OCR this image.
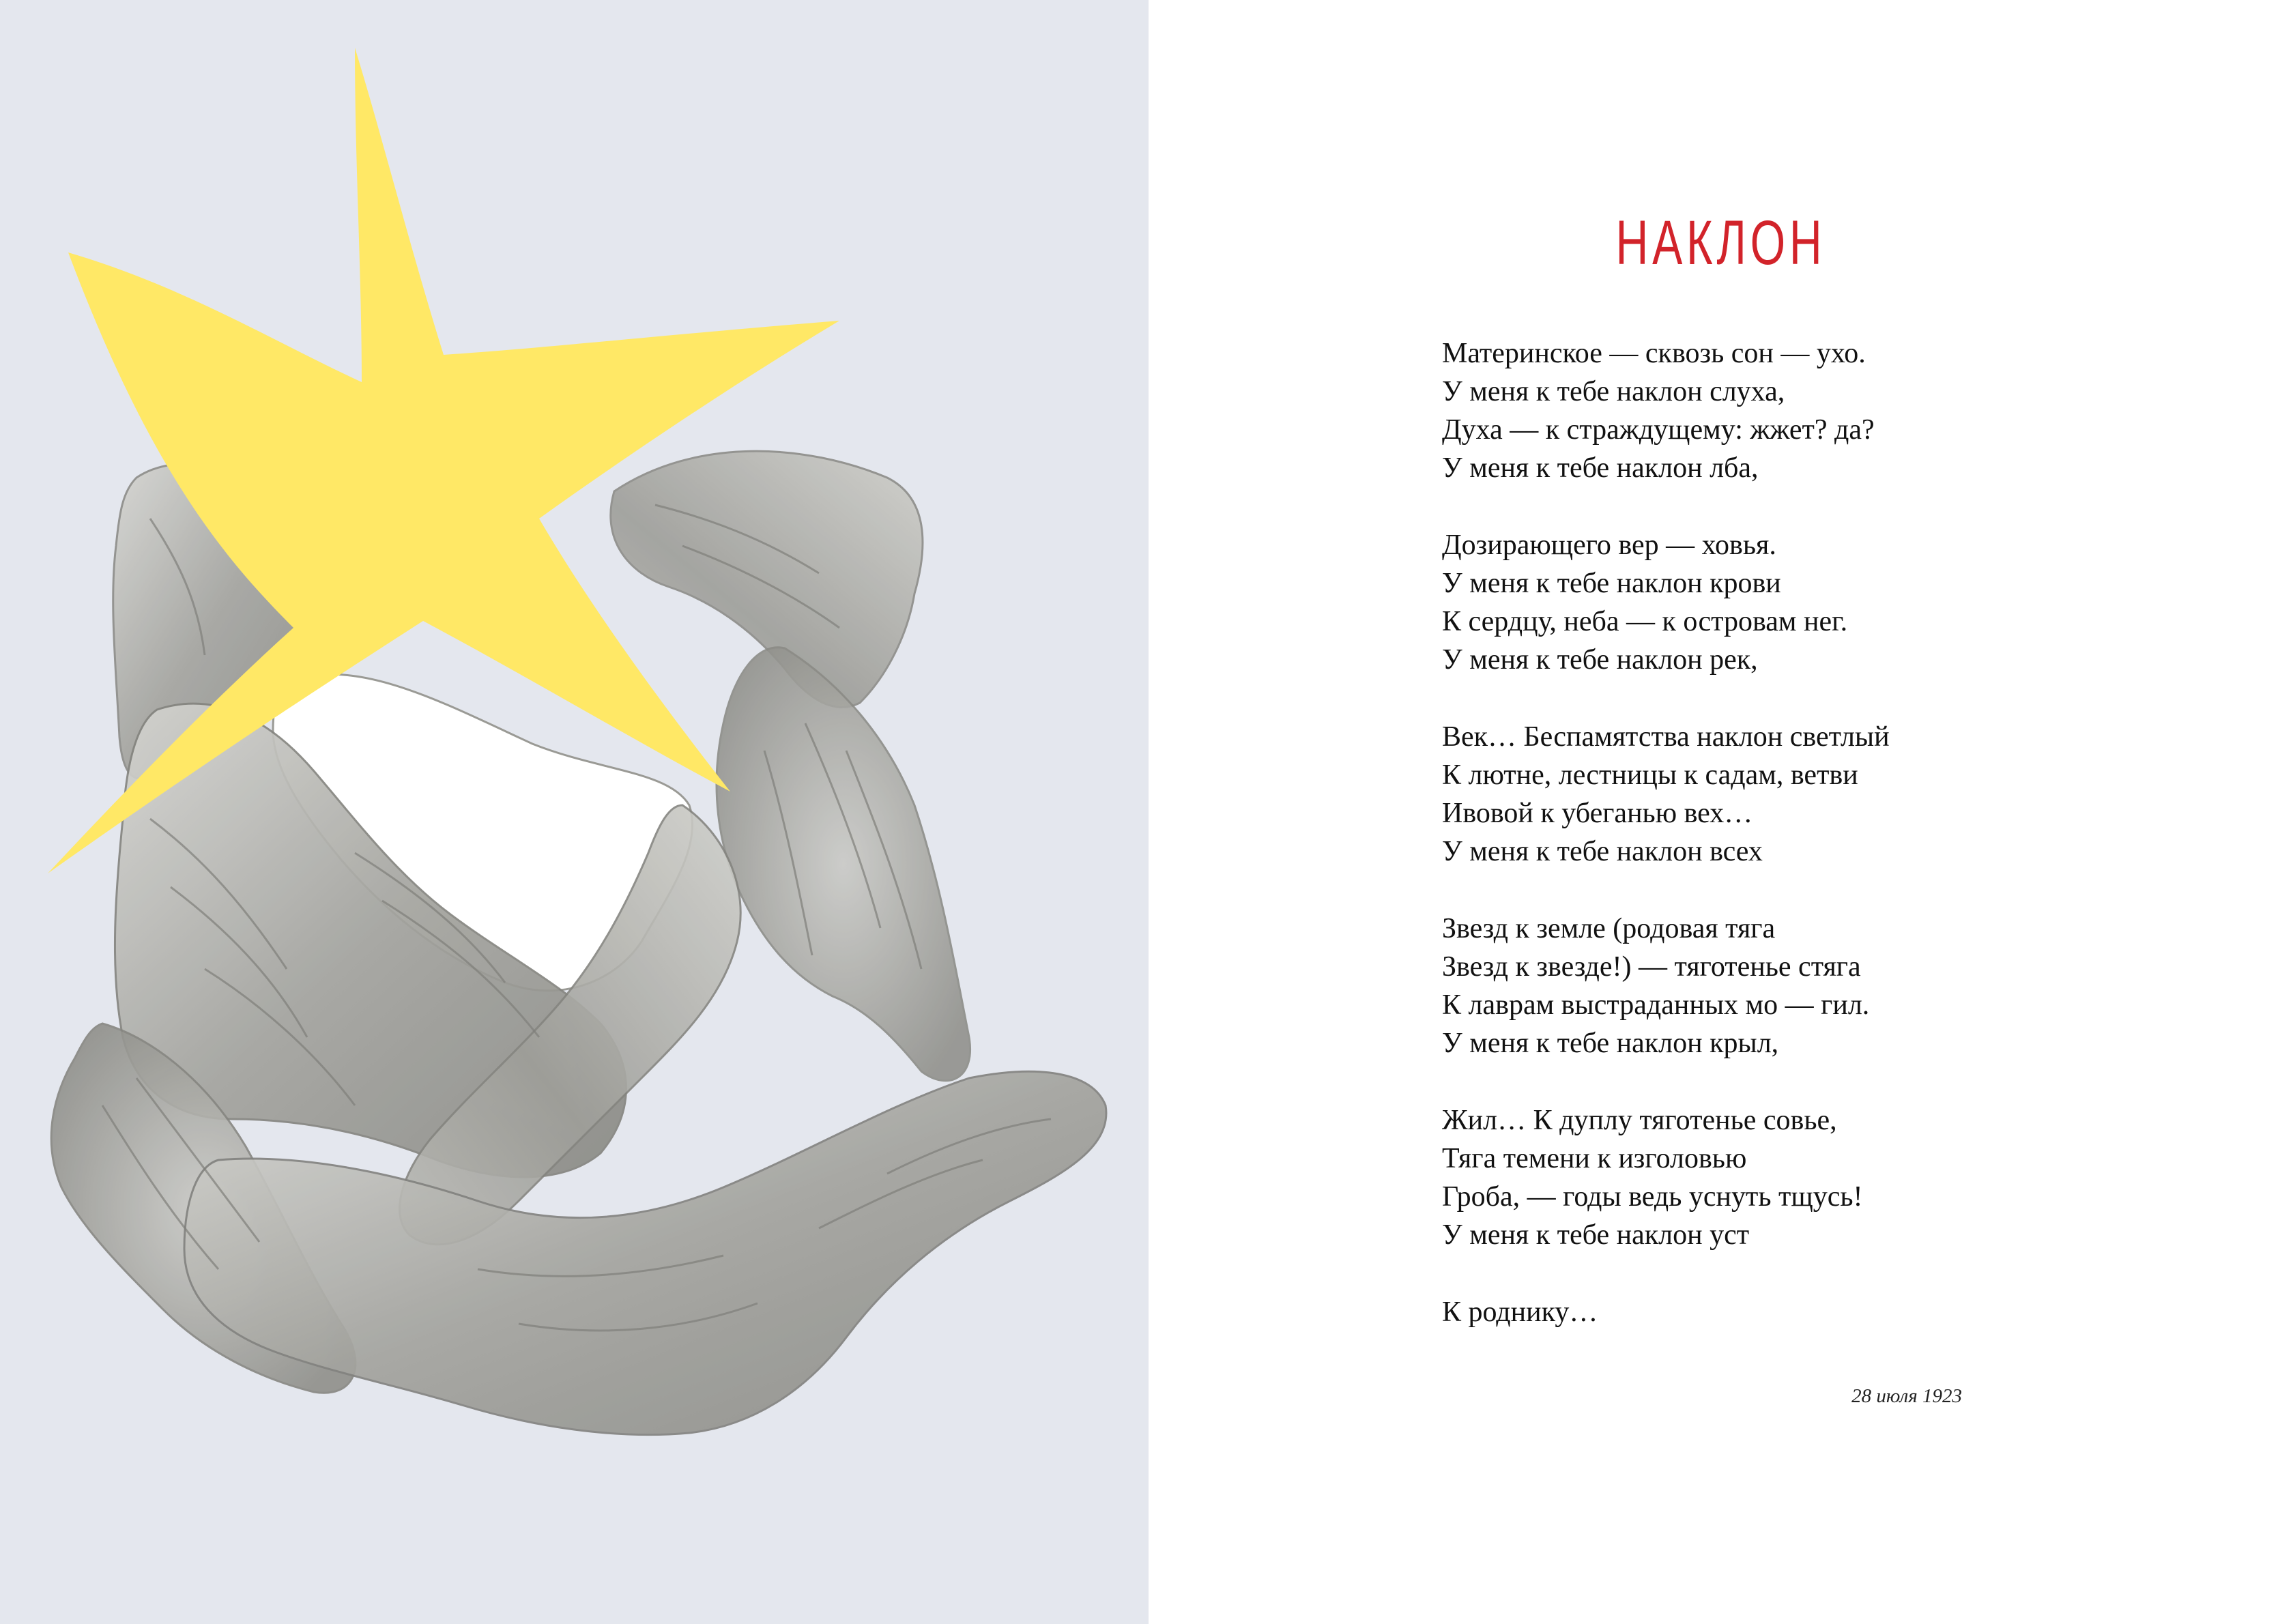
НАКЛОН
Материнское — сквозь сон — ухо.
У меня к тебе наклон слуха,
Духа — к страждущему: жжет? да?
У меня к тебе наклон лба,
Дозирающего вер — ховья.
У меня к тебе наклон крови
К сердцу, неба — к островам нег.
У меня к тебе наклон рек,
Век… Беспамятства наклон светлый
К лютне, лестницы к садам, ветви
Ивовой к убеганью вех…
У меня к тебе наклон всех
Звезд к земле (родовая тяга
Звезд к звезде!) — тяготенье стяга
К лаврам выстраданных мо — гил.
У меня к тебе наклон крыл,
Жил… К дуплу тяготенье совье,
Тяга темени к изголовью
Гроба, — годы ведь уснуть тщусь!
У меня к тебе наклон уст
К роднику…
28 июля 1923
